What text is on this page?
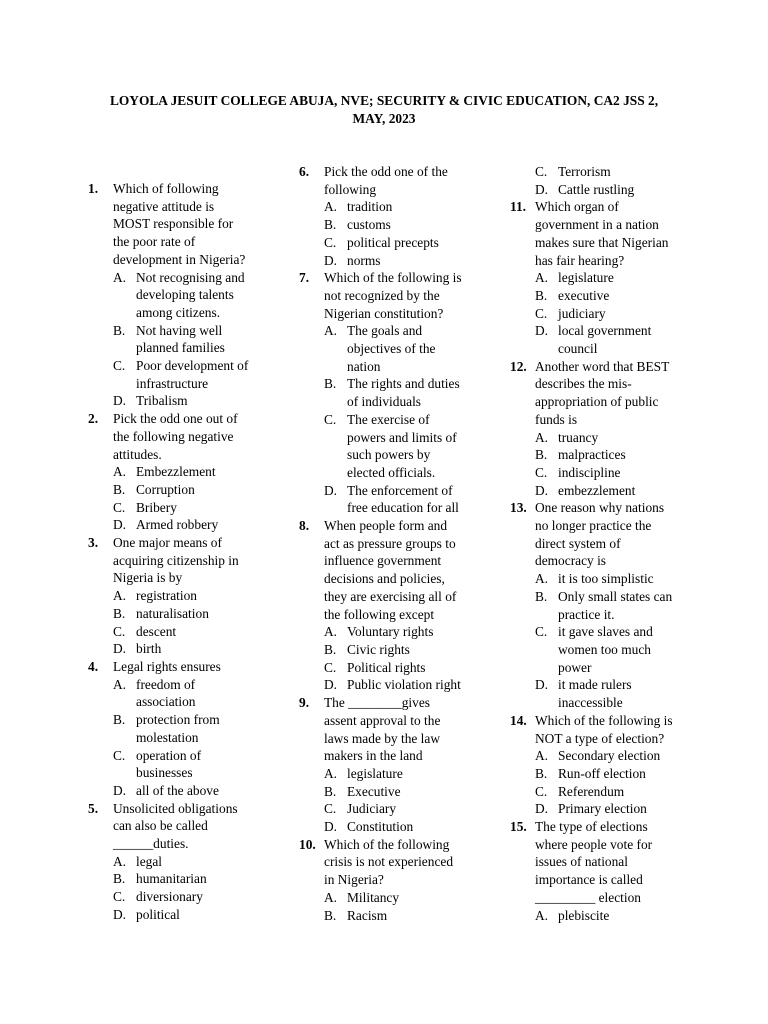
LOYOLA JESUIT COLLEGE ABUJA, NVE; SECURITY & CIVIC EDUCATION, CA2 JSS 2,
MAY, 2023
1. Which of following
negative attitude is
MOST responsible for
the poor rate of
development in Nigeria?
A. Not recognising and
developing talents
among citizens.
B. Not having well
planned families
C. Poor development of
infrastructure
D. Tribalism
2. Pick the odd one out of
the following negative
attitudes.
A. Embezzlement
B. Corruption
C. Bribery
D. Armed robbery
3. One major means of
acquiring citizenship in
Nigeria is by
A. registration
B. naturalisation
C. descent
D. birth
4. Legal rights ensures
A. freedom of
association
B. protection from
molestation
C. operation of
businesses
D. all of the above
5. Unsolicited obligations
can also be called
______duties.
A. legal
B. humanitarian
C. diversionary
D. political
6. Pick the odd one of the
following
A. tradition
B. customs
C. political precepts
D. norms
7. Which of the following is
not recognized by the
Nigerian constitution?
A. The goals and
objectives of the
nation
B. The rights and duties
of individuals
C. The exercise of
powers and limits of
such powers by
elected officials.
D. The enforcement of
free education for all
8. When people form and
act as pressure groups to
influence government
decisions and policies,
they are exercising all of
the following except
A. Voluntary rights
B. Civic rights
C. Political rights
D. Public violation right
9. The ________gives
assent approval to the
laws made by the law
makers in the land
A. legislature
B. Executive
C. Judiciary
D. Constitution
10. Which of the following
crisis is not experienced
in Nigeria?
A. Militancy
B. Racism
C. Terrorism
D. Cattle rustling
11. Which organ of
government in a nation
makes sure that Nigerian
has fair hearing?
A. legislature
B. executive
C. judiciary
D. local government
council
12. Another word that BEST
describes the mis-
appropriation of public
funds is
A. truancy
B. malpractices
C. indiscipline
D. embezzlement
13. One reason why nations
no longer practice the
direct system of
democracy is
A. it is too simplistic
B. Only small states can
practice it.
C. it gave slaves and
women too much
power
D. it made rulers
inaccessible
14. Which of the following is
NOT a type of election?
A. Secondary election
B. Run-off election
C. Referendum
D. Primary election
15. The type of elections
where people vote for
issues of national
importance is called
_________ election
A. plebiscite
